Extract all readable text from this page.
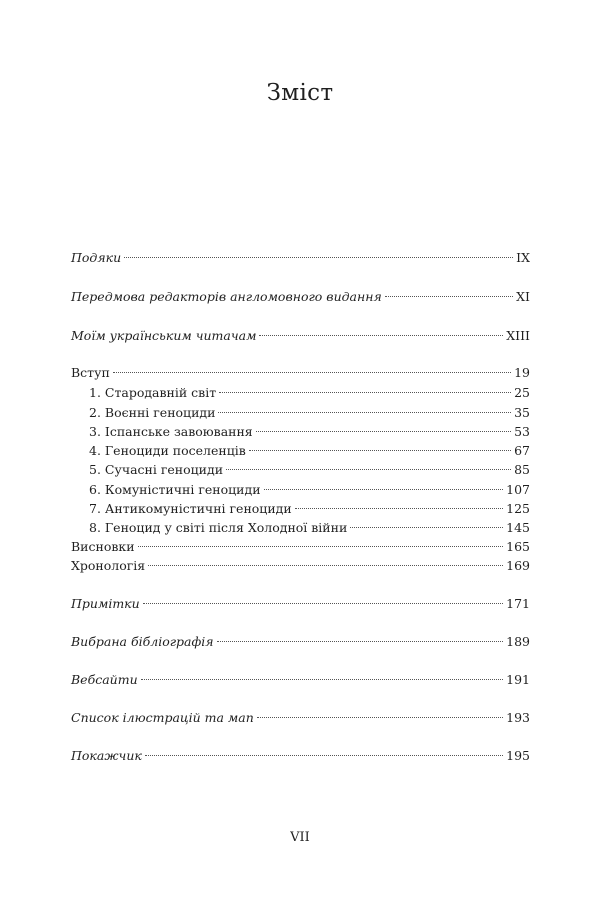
Зміст
Подяки	IX
Передмова редакторів англомовного видання	XI
Моїм українським читачам	XIII
Вступ	19
1. Стародавній світ	25
2. Воєнні геноциди	35
3. Іспанське завоювання	53
4. Геноциди поселенців	67
5. Сучасні геноциди	85
6. Комуністичні геноциди	107
7. Антикомуністичні геноциди	125
8. Геноцид у світі після Холодної війни	145
Висновки	165
Хронологія	169
Примітки	171
Вибрана бібліографія	189
Вебсайти	191
Список ілюстрацій та мап	193
Покажчик	195
VII
